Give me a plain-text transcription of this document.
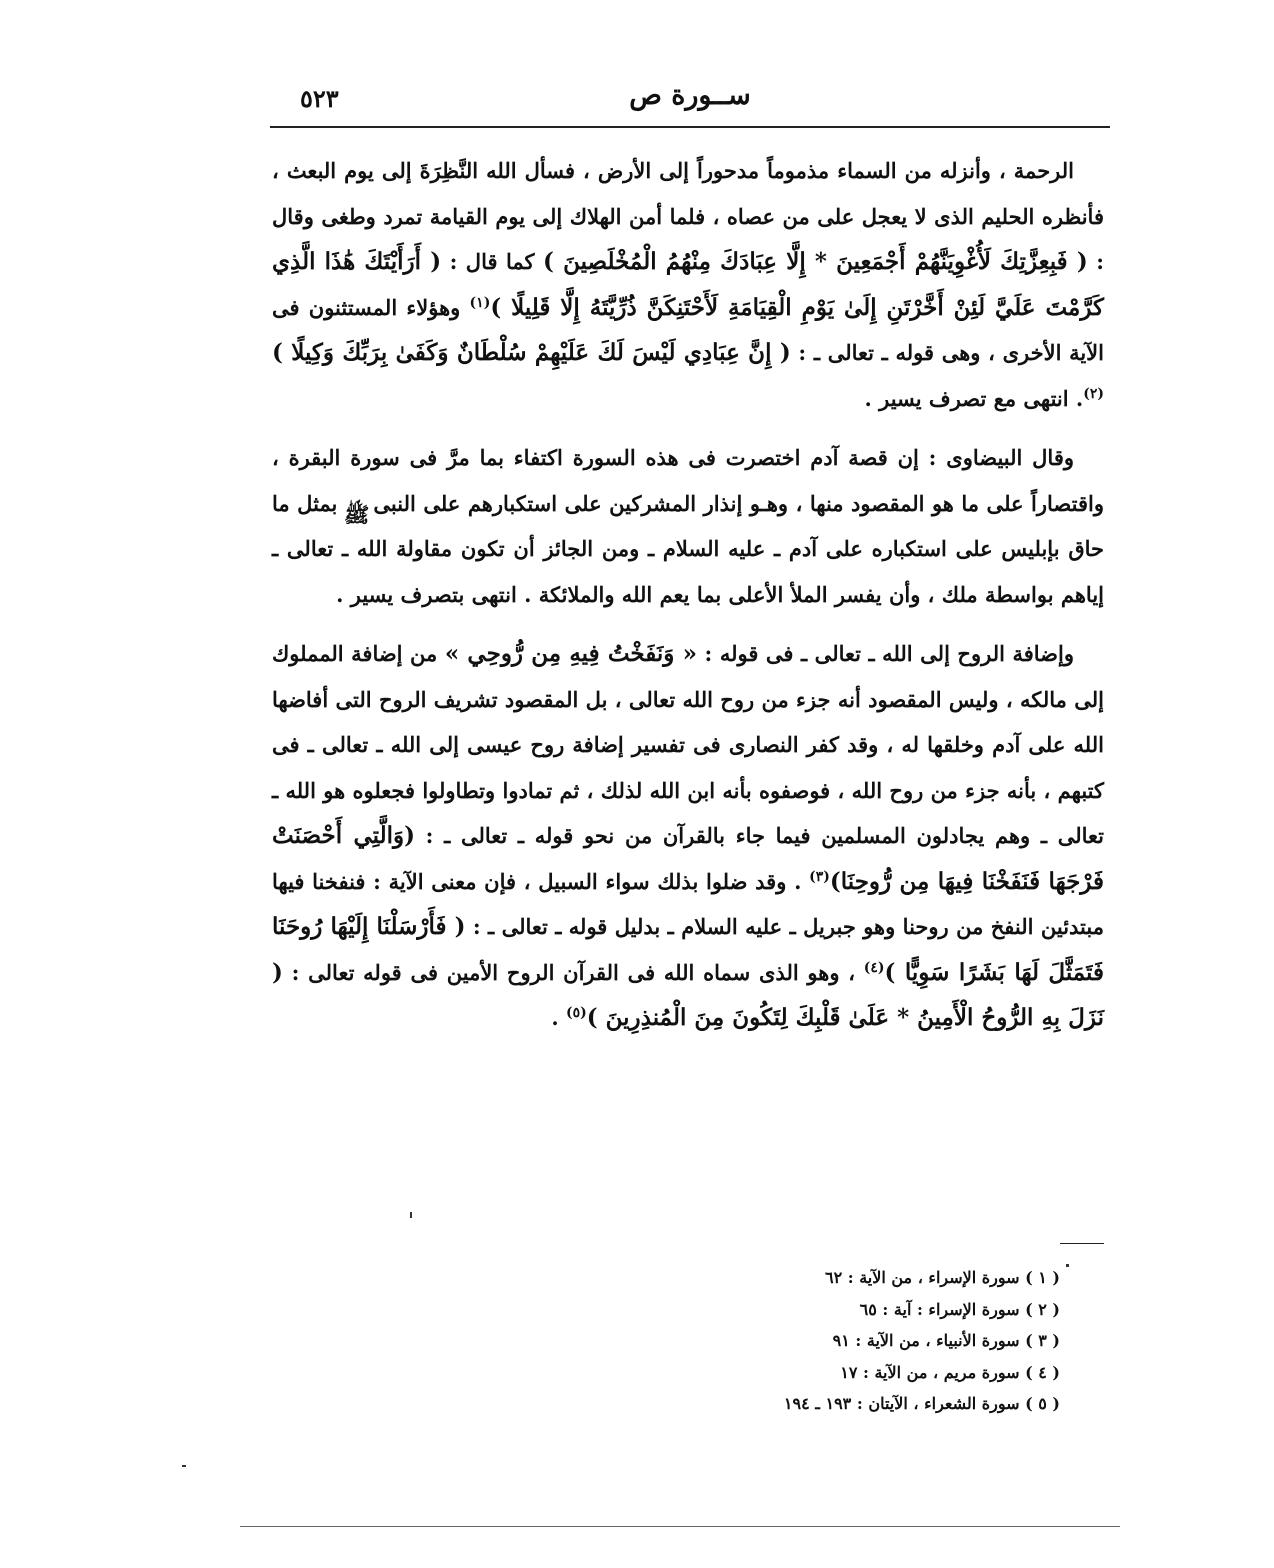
٥٢٣	ســورة ص

الرحمة ، وأنزله من السماء مذموماً مدحوراً إلى الأرض ، فسأل الله النَّظِرَةَ إلى يوم البعث ، فأنظره الحليم الذى لا يعجل على من عصاه ، فلما أمن الهلاك إلى يوم القيامة تمرد وطغى وقال : ( فَبِعِزَّتِكَ لَأُغْوِيَنَّهُمْ أَجْمَعِينَ * إِلَّا عِبَادَكَ مِنْهُمُ الْمُخْلَصِينَ ) كما قال : ( أَرَأَيْتَكَ هَٰذَا الَّذِي كَرَّمْتَ عَلَيَّ لَئِنْ أَخَّرْتَنِ إِلَىٰ يَوْمِ الْقِيَامَةِ لَأَحْتَنِكَنَّ ذُرِّيَّتَهُ إِلَّا قَلِيلًا )$^{(١)}$ وهؤلاء المستثنون فى الآية الأخرى ، وهى قوله ـ تعالى ـ : ( إِنَّ عِبَادِي لَيْسَ لَكَ عَلَيْهِمْ سُلْطَانٌ وَكَفَىٰ بِرَبِّكَ وَكِيلًا )$^{(٢)}$. انتهى مع تصرف يسير .

وقال البيضاوى : إن قصة آدم اختصرت فى هذه السورة اكتفاء بما مرَّ فى سورة البقرة ، واقتصاراً على ما هو المقصود منها ، وهـو إنذار المشركين على استكبارهم على النبىﷺبمثل ما حاق بإبليس على استكباره على آدم ـ عليه السلام ـ ومن الجائز أن تكون مقاولة الله ـ تعالى ـ إياهم بواسطة ملك ، وأن يفسر الملأ الأعلى بما يعم الله والملائكة . انتهى بتصرف يسير .

وإضافة الروح إلى الله ـ تعالى ـ فى قوله : « وَنَفَخْتُ فِيهِ مِن رُّوحِي » من إضافة المملوك إلى مالكه ، وليس المقصود أنه جزء من روح الله تعالى ، بل المقصود تشريف الروح التى أفاضها الله على آدم وخلقها له ، وقد كفر النصارى فى تفسير إضافة روح عيسى إلى الله ـ تعالى ـ فى كتبهم ، بأنه جزء من روح الله ، فوصفوه بأنه ابن الله لذلك ، ثم تمادوا وتطاولوا فجعلوه هو الله ـ تعالى ـ وهم يجادلون المسلمين فيما جاء بالقرآن من نحو قوله ـ تعالى ـ : (وَالَّتِي أَحْصَنَتْ فَرْجَهَا فَنَفَخْنَا فِيهَا مِن رُّوحِنَا)$^{(٣)}$ . وقد ضلوا بذلك سواء السبيل ، فإن معنى الآية : فنفخنا فيها مبتدئين النفخ من روحنا وهو جبريل ـ عليه السلام ـ بدليل قوله ـ تعالى ـ : ( فَأَرْسَلْنَا إِلَيْهَا رُوحَنَا فَتَمَثَّلَ لَهَا بَشَرًا سَوِيًّا )$^{(٤)}$ ، وهو الذى سماه الله فى القرآن الروح الأمين فى قوله تعالى : ( نَزَلَ بِهِ الرُّوحُ الْأَمِينُ * عَلَىٰ قَلْبِكَ لِتَكُونَ مِنَ الْمُنذِرِينَ )$^{(٥)}$ .

( ١ ) سورة الإسراء ، من الآية : ٦٢
( ٢ ) سورة الإسراء : آية : ٦٥
( ٣ ) سورة الأنبياء ، من الآية : ٩١
( ٤ ) سورة مريم ، من الآية : ١٧
( ٥ ) سورة الشعراء ، الآيتان : ١٩٣ ـ ١٩٤
